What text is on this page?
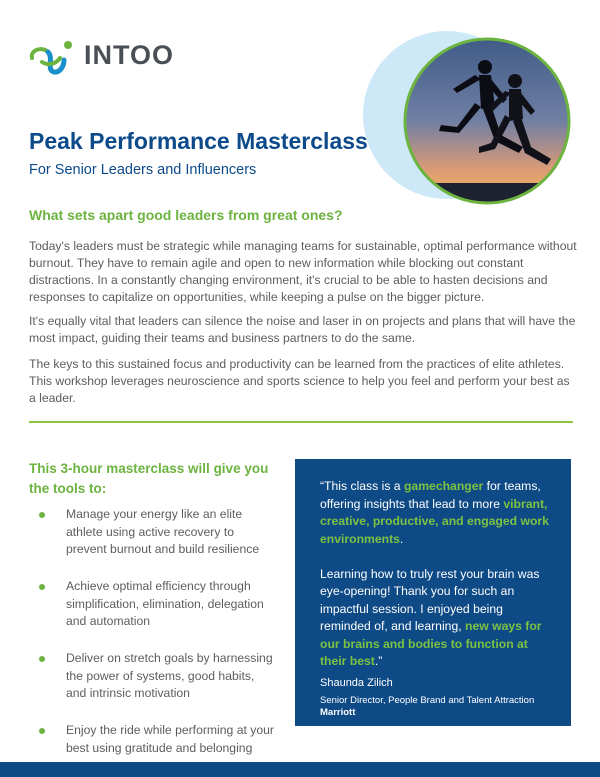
INTOO
Peak Performance Masterclass
For Senior Leaders and Influencers
What sets apart good leaders from great ones?

Today's leaders must be strategic while managing teams for sustainable, optimal performance without burnout. They have to remain agile and open to new information while blocking out constant distractions. In a constantly changing environment, it's crucial to be able to hasten decisions and responses to capitalize on opportunities, while keeping a pulse on the bigger picture.

It's equally vital that leaders can silence the noise and laser in on projects and plans that will have the most impact, guiding their teams and business partners to do the same.

The keys to this sustained focus and productivity can be learned from the practices of elite athletes. This workshop leverages neuroscience and sports science to help you feel and perform your best as a leader.

This 3-hour masterclass will give you the tools to:
Manage your energy like an elite athlete using active recovery to prevent burnout and build resilience
Achieve optimal efficiency through simplification, elimination, delegation and automation
Deliver on stretch goals by harnessing the power of systems, good habits, and intrinsic motivation
Enjoy the ride while performing at your best using gratitude and belonging

“This class is a gamechanger for teams, offering insights that lead to more vibrant, creative, productive, and engaged work environments.

Learning how to truly rest your brain was eye-opening! Thank you for such an impactful session. I enjoyed being reminded of, and learning, new ways for our brains and bodies to function at their best.”

Shaunda Zilich
Senior Director, People Brand and Talent Attraction
Marriott
